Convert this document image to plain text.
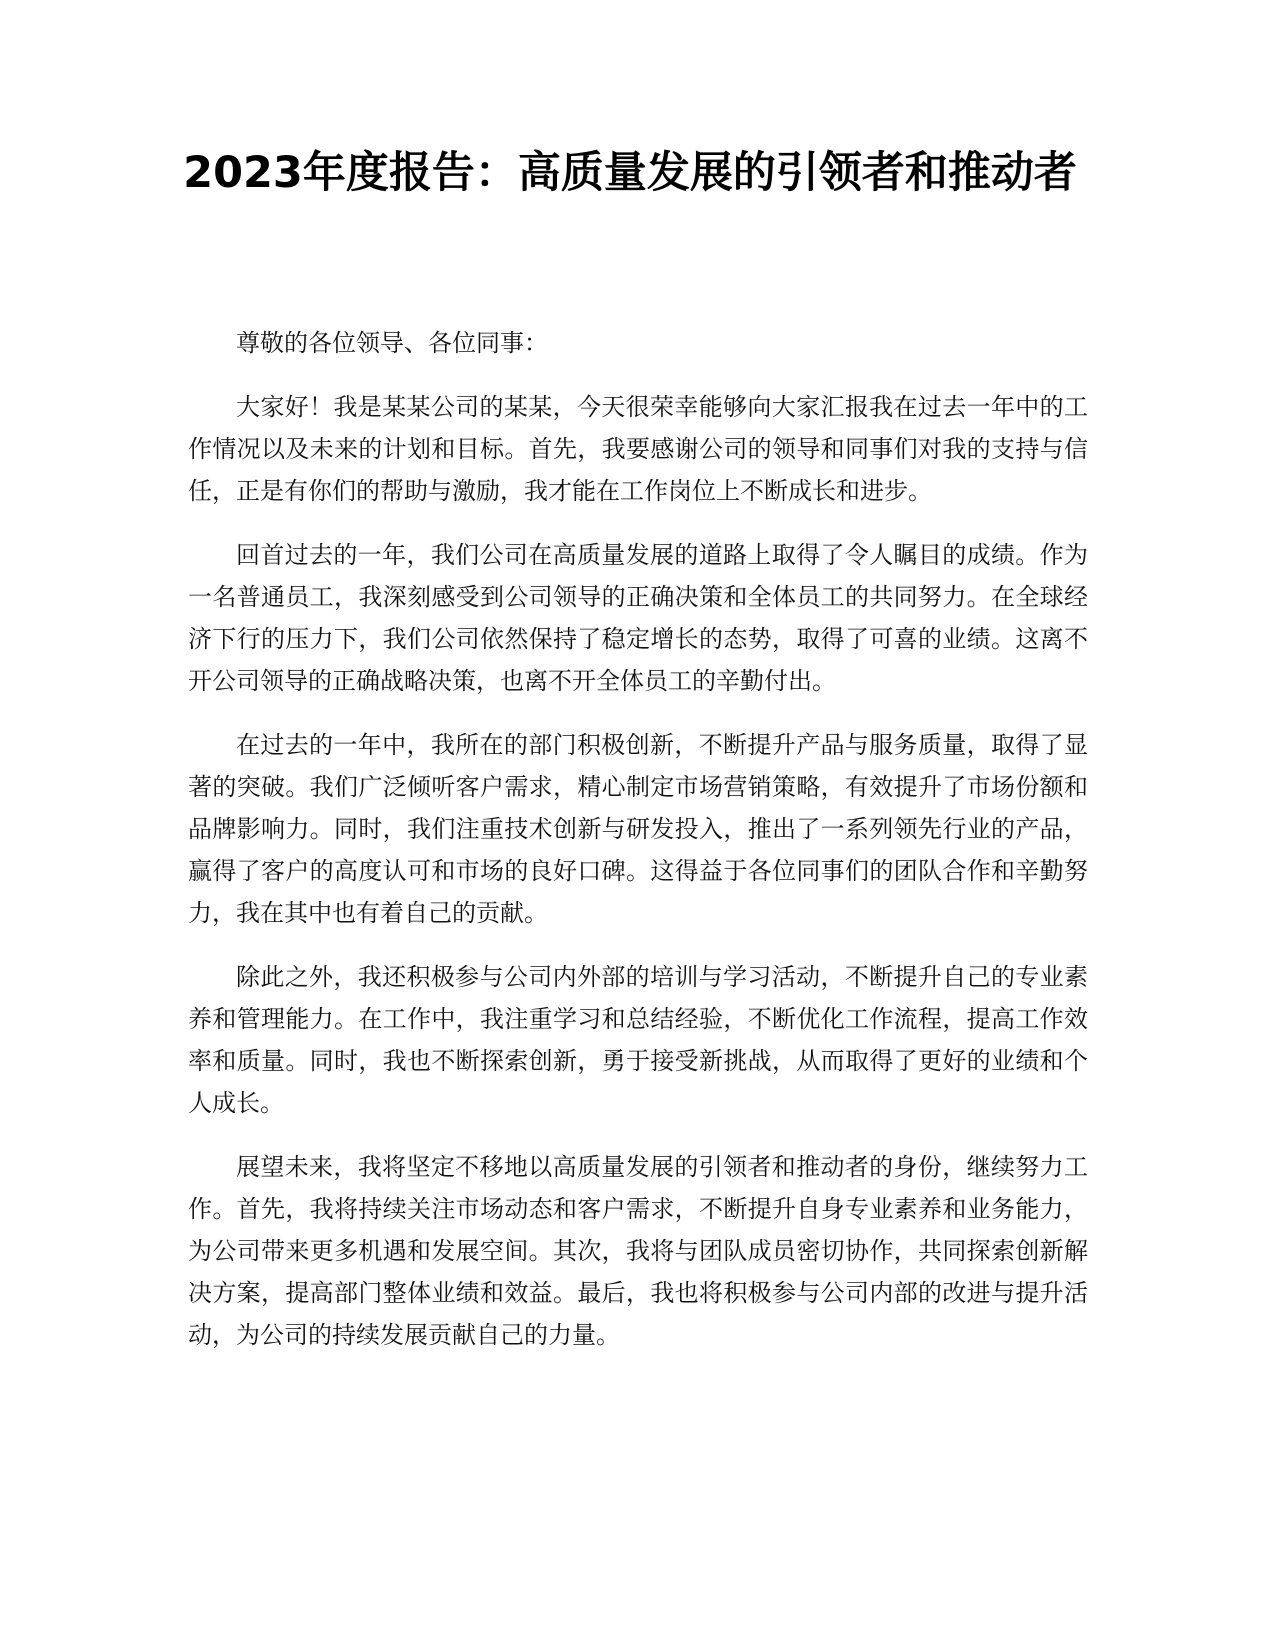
2023年度报告：高质量发展的引领者和推动者

尊敬的各位领导、各位同事：

大家好！我是某某公司的某某，今天很荣幸能够向大家汇报我在过去一年中的工作情况以及未来的计划和目标。首先，我要感谢公司的领导和同事们对我的支持与信任，正是有你们的帮助与激励，我才能在工作岗位上不断成长和进步。

回首过去的一年，我们公司在高质量发展的道路上取得了令人瞩目的成绩。作为一名普通员工，我深刻感受到公司领导的正确决策和全体员工的共同努力。在全球经济下行的压力下，我们公司依然保持了稳定增长的态势，取得了可喜的业绩。这离不开公司领导的正确战略决策，也离不开全体员工的辛勤付出。

在过去的一年中，我所在的部门积极创新，不断提升产品与服务质量，取得了显著的突破。我们广泛倾听客户需求，精心制定市场营销策略，有效提升了市场份额和品牌影响力。同时，我们注重技术创新与研发投入，推出了一系列领先行业的产品，赢得了客户的高度认可和市场的良好口碑。这得益于各位同事们的团队合作和辛勤努力，我在其中也有着自己的贡献。

除此之外，我还积极参与公司内外部的培训与学习活动，不断提升自己的专业素养和管理能力。在工作中，我注重学习和总结经验，不断优化工作流程，提高工作效率和质量。同时，我也不断探索创新，勇于接受新挑战，从而取得了更好的业绩和个人成长。

展望未来，我将坚定不移地以高质量发展的引领者和推动者的身份，继续努力工作。首先，我将持续关注市场动态和客户需求，不断提升自身专业素养和业务能力，为公司带来更多机遇和发展空间。其次，我将与团队成员密切协作，共同探索创新解决方案，提高部门整体业绩和效益。最后，我也将积极参与公司内部的改进与提升活动，为公司的持续发展贡献自己的力量。
